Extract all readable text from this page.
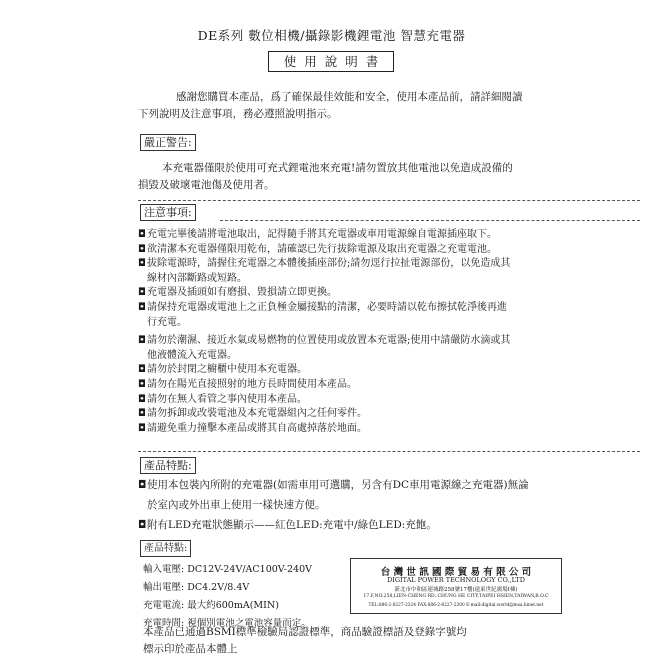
DE系列 數位相機/攝錄影機鋰電池 智慧充電器
使用說明書
感謝您購買本產品，爲了確保最佳效能和安全，使用本產品前，請詳細閱讀
下列說明及注意事項，務必遵照說明指示。
嚴正警告:
本充電器僅限於使用可充式鋰電池來充電!請勿置放其他電池以免造成設備的
損毀及破壞電池傷及使用者。
注意事項:
◘ 充電完畢後請將電池取出，記得隨手將其充電器或車用電源線自電源插座取下。
◘ 欲清潔本充電器僅限用乾布，請確認已先行拔除電源及取出充電器之充電電池。
◘ 拔除電源時，請握住充電器之本體後插座部份;請勿逕行拉扯電源部份，以免造成其
線材內部斷路或短路。
◘ 充電器及插頭如有磨損、毀損請立即更換。
◘ 請保持充電器或電池上之正負極金屬接點的清潔，必要時請以乾布擦拭乾淨後再進
行充電。
◘ 請勿於潮濕、接近水氣或易燃物的位置使用或放置本充電器;使用中請嚴防水滴或其
他液體流入充電器。
◘ 請勿於封閉之櫥櫃中使用本充電器。
◘ 請勿在陽光直接照射的地方長時間使用本產品。
◘ 請勿在無人看管之事內使用本產品。
◘ 請勿拆卸或改裝電池及本充電器組內之任何零件。
◘ 請避免重力撞擊本產品或將其自高處掉落於地面。
產品特點:
◘ 使用本包裝內所附的充電器(如需車用可選購，另含有DC車用電源線之充電器)無論
於室內或外出車上使用一樣快速方便。
◘ 附有LED充電狀態顯示——紅色LED:充電中/綠色LED:充飽。
產品特點:
輸入電壓: DC12V-24V/AC100V-240V
輸出電壓: DC4.2V/8.4V
充電電流: 最大約600mA(MIN)
充電時間: 視個別電池之電池容量而定。
台 灣 世 訊 國 際 貿 易 有 限 公 司
DIGITAL POWER TECHNOLOGY CO.,LTD
新北市中和區連城路258號17樓(遠東世紀廣場I棟)
17.F,NO.258,LIEN-CHENG RD.,CHUNG HE CITY,TAIPEI HSIEN,TAIWAN,R.O.C
TEL:886-2-8227-2324 FAX:886-2-8227-2300 E-mail:digital.world@msa.hinet.net
本產品已通過BSMI標準檢驗局認證標準，商品驗證標語及登錄字號均
標示印於產品本體上
